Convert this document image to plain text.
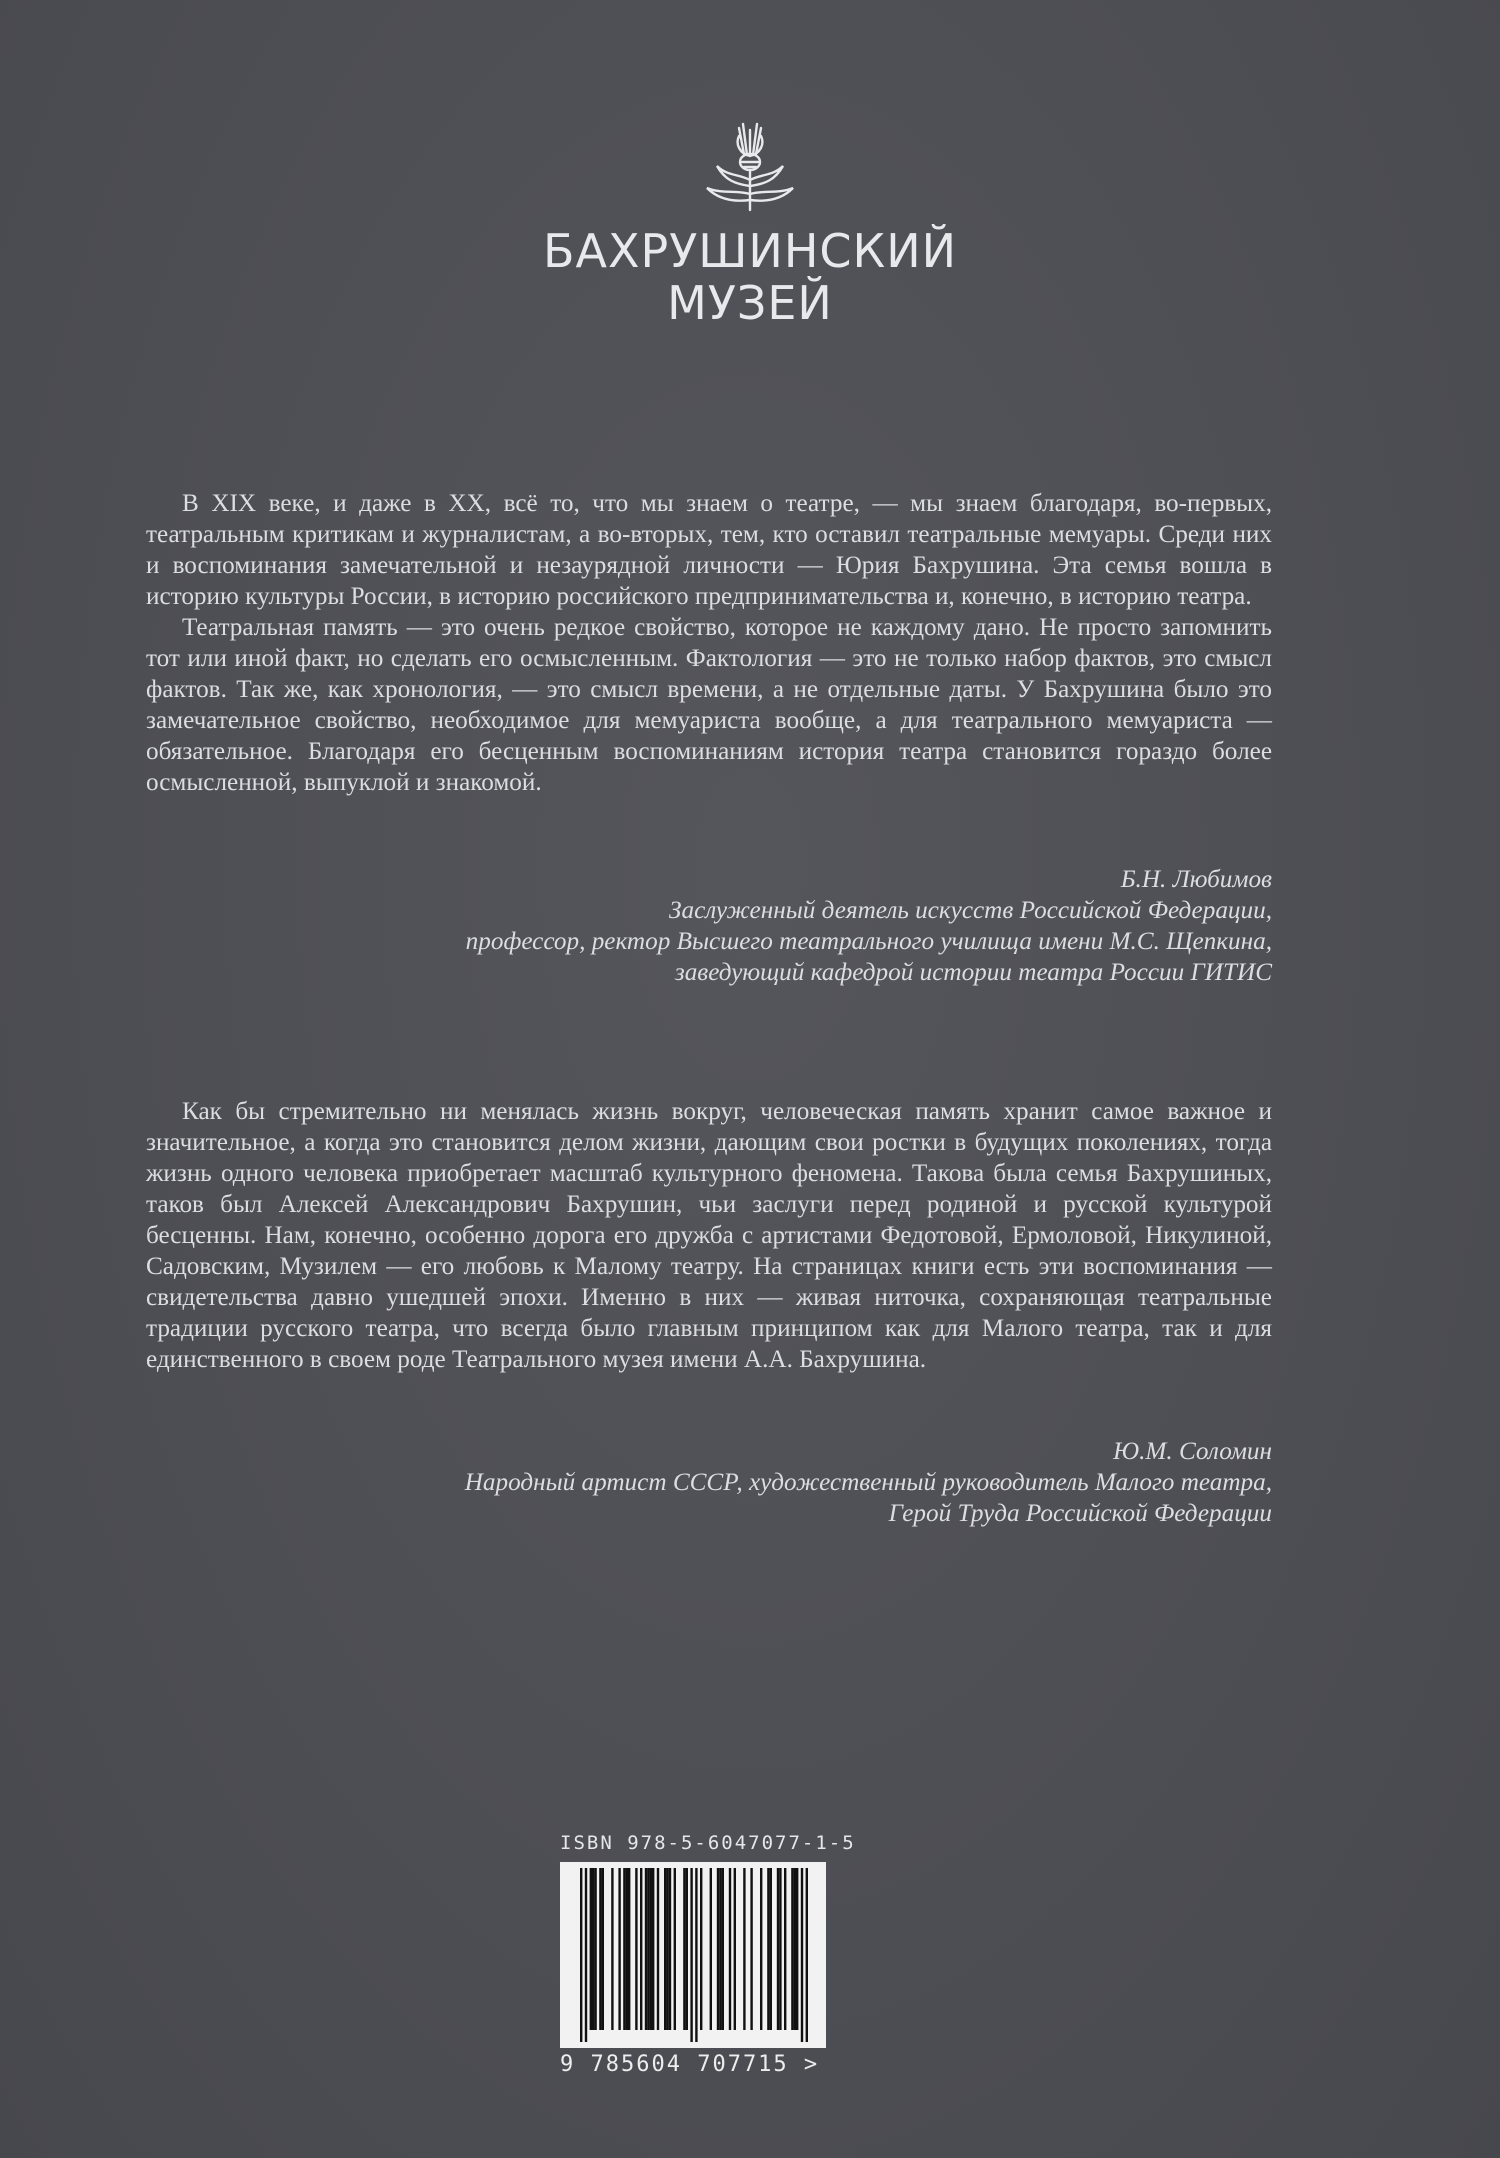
БАХРУШИНСКИЙ
МУЗЕЙ

В XIX веке, и даже в XX, всё то, что мы знаем о театре, — мы знаем благодаря, во-первых, театральным критикам и журналистам, а во-вторых, тем, кто оставил театральные мемуары. Среди них и воспоминания замечательной и незаурядной личности — Юрия Бахрушина. Эта семья вошла в историю культуры России, в историю российского предпринимательства и, конечно, в историю театра.

Театральная память — это очень редкое свойство, которое не каждому дано. Не просто запомнить тот или иной факт, но сделать его осмысленным. Фактология — это не только набор фактов, это смысл фактов. Так же, как хронология, — это смысл времени, а не отдельные даты. У Бахрушина было это замечательное свойство, необходимое для мемуариста вообще, а для театрального мемуариста — обязательное. Благодаря его бесценным воспоминаниям история театра становится гораздо более осмысленной, выпуклой и знакомой.

Б.Н. Любимов
Заслуженный деятель искусств Российской Федерации,
профессор, ректор Высшего театрального училища имени М.С. Щепкина,
заведующий кафедрой истории театра России ГИТИС

Как бы стремительно ни менялась жизнь вокруг, человеческая память хранит самое важное и значительное, а когда это становится делом жизни, дающим свои ростки в будущих поколениях, тогда жизнь одного человека приобретает масштаб культурного феномена. Такова была семья Бахрушиных, таков был Алексей Александрович Бахрушин, чьи заслуги перед родиной и русской культурой бесценны. Нам, конечно, особенно дорога его дружба с артистами Федотовой, Ермоловой, Никулиной, Садовским, Музилем — его любовь к Малому театру. На страницах книги есть эти воспоминания — свидетельства давно ушедшей эпохи. Именно в них — живая ниточка, сохраняющая театральные традиции русского театра, что всегда было главным принципом как для Малого театра, так и для единственного в своем роде Театрального музея имени А.А. Бахрушина.

Ю.М. Соломин
Народный артист СССР, художественный руководитель Малого театра,
Герой Труда Российской Федерации
ISBN 978-5-6047077-1-5
9 785604 707715 >
